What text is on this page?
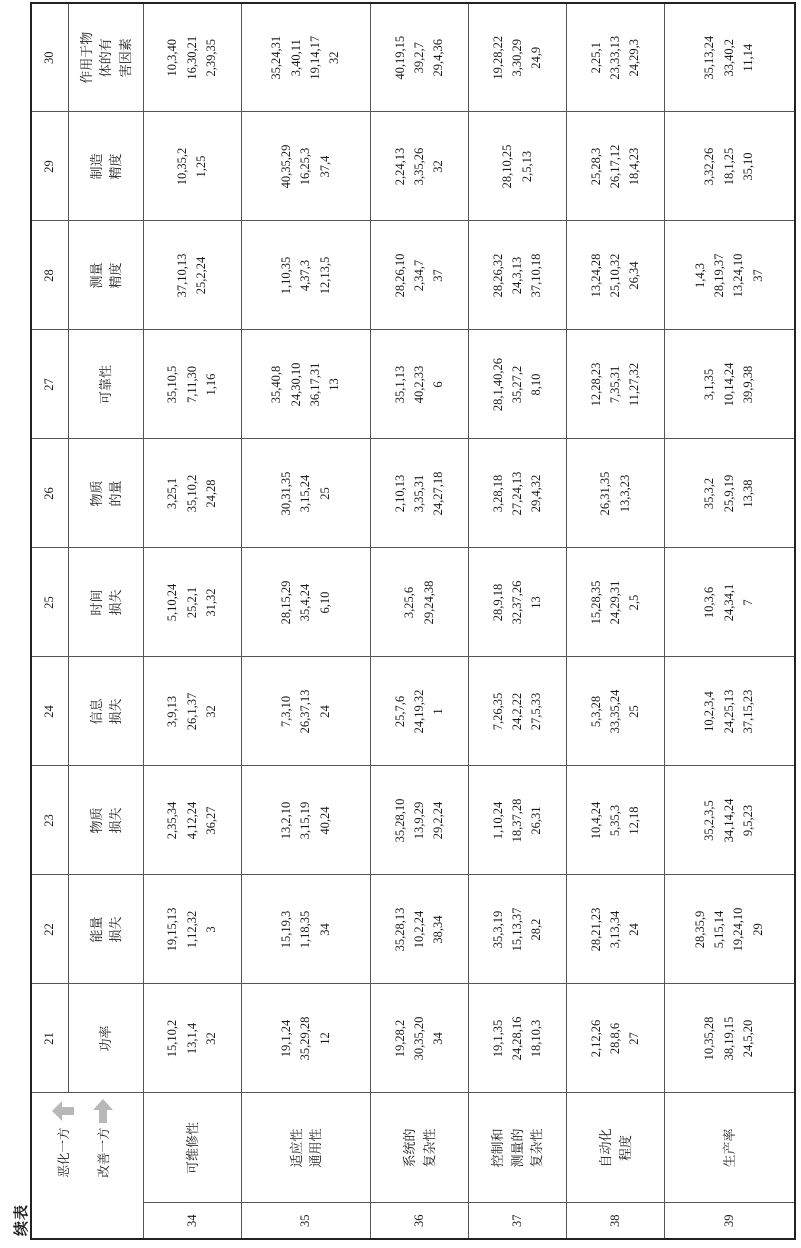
续表
恶化一方 改善一方		21	22	23	24	25	26	27	28	29	30

		功率	能量 损失	物质 损失	信息 损失	时间 损失	物质 的量	可靠性	测量 精度	制造 精度	作用于物 体的有 害因素

34	可维修性	15,10,2 13,1,4 32	19,15,13 1,12,32 3	2,35,34 4,12,24 36,27	3,9,13 26,1,37 32	5,10,24 25,2,1 31,32	3,25,1 35,10,2 24,28	35,10,5 7,11,30 1,16	37,10,13 25,2,24	10,35,2 1,25	10,3,40 16,30,21 2,39,35

35	适应性 通用性	19,1,24 35,29,28 12	15,19,3 1,18,35 34	13,2,10 3,15,19 40,24	7,3,10 26,37,13 24	28,15,29 35,4,24 6,10	30,31,35 3,15,24 25	35,40,8 24,30,10 36,17,31 13	1,10,35 4,37,3 12,13,5	40,35,29 16,25,3 37,4	35,24,31 3,40,11 19,14,17 32

36	系统的 复杂性	19,28,2 30,35,20 34	35,28,13 10,2,24 38,34	35,28,10 13,9,29 29,2,24	25,7,6 24,19,32 1	3,25,6 29,24,38	2,10,13 3,35,31 24,27,18	35,1,13 40,2,33 6	28,26,10 2,34,7 37	2,24,13 3,35,26 32	40,19,15 39,2,7 29,4,36

37	控制和 测量的 复杂性	19,1,35 24,28,16 18,10,3	35,3,19 15,13,37 28,2	1,10,24 18,37,28 26,31	7,26,35 24,2,22 27,5,33	28,9,18 32,37,26 13	3,28,18 27,24,13 29,4,32	28,1,40,26 35,27,2 8,10	28,26,32 24,3,13 37,10,18	28,10,25 2,5,13	19,28,22 3,30,29 24,9

38	自动化 程度	2,12,26 28,8,6 27	28,21,23 3,13,34 24	10,4,24 5,35,3 12,18	5,3,28 33,35,24 25	15,28,35 24,29,31 2,5	26,31,35 13,3,23	12,28,23 7,35,31 11,27,32	13,24,28 25,10,32 26,34	25,28,3 26,17,12 18,4,23	2,25,1 23,33,13 24,29,3

39	生产率	10,35,28 38,19,15 24,5,20	28,35,9 5,15,14 19,24,10 29	35,2,3,5 34,14,24 9,5,23	10,2,3,4 24,25,13 37,15,23	10,3,6 24,34,1 7	35,3,2 25,9,19 13,38	3,1,35 10,14,24 39,9,38	1,4,3 28,19,37 13,24,10 37	3,32,26 18,1,25 35,10	35,13,24 33,40,2 11,14
